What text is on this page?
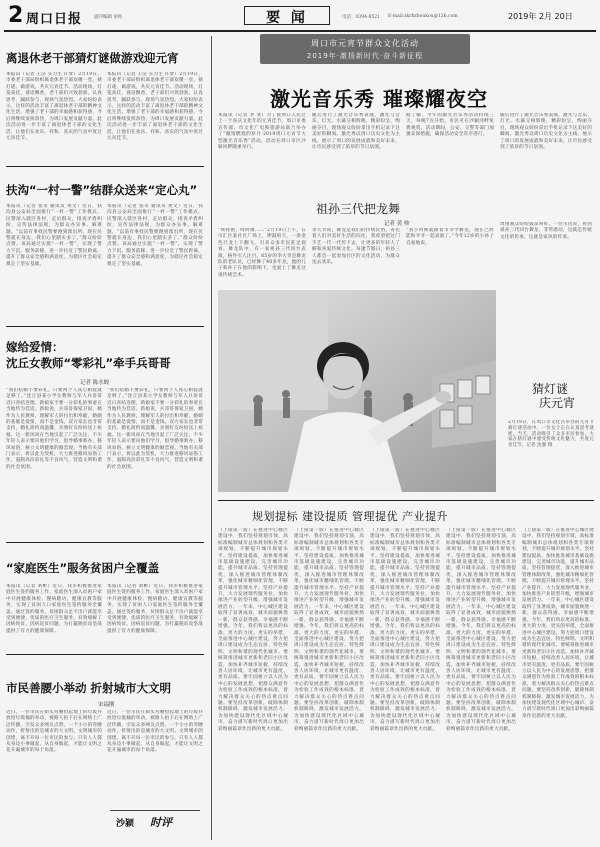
2 周口日报	副刊编辑 审校	要 闻	电话：0394-8521 E-mail:zkrbzhoukou@126.com	2019年 2月 20日
离退休老干部猜灯谜做游戏迎元宵
本报讯（记者 王洁 实习生 许梦）2月19日，市委老干部局组织离退休老干部欢聚一堂，猜灯谜、做游戏，共庆元宵佳节。活动现场，灯笼高挂，谜语飘香，老干部们兴致勃勃，认真思考，踊跃参与，现场气氛热烈。大家纷纷表示，这样的活动丰富了离退休老干部的精神文化生活，增强了老干部的幸福感和获得感，今后将继续发挥余热，为周口发展贡献力量。此次活动进一步丰富了离退休老干部的文化生活，让他们在欢乐、祥和、喜庆的气氛中度过元宵佳节。
本报讯（记者 王洁 实习生 许梦）2月19日，市委老干部局组织离退休老干部欢聚一堂，猜灯谜、做游戏，共庆元宵佳节。活动现场，灯笼高挂，谜语飘香，老干部们兴致勃勃，认真思考，踊跃参与，现场气氛热烈。大家纷纷表示，这样的活动丰富了离退休老干部的精神文化生活，增强了老干部的幸福感和获得感，今后将继续发挥余热，为周口发展贡献力量。此次活动进一步丰富了离退休老干部的文化生活，让他们在欢乐、祥和、喜庆的气氛中度过元宵佳节。
扶沟“一村一警”结群众送来“定心丸”
本报讯（记者 张永 通讯员 黄文）近日，扶沟县公安局全面推行“一村一警”工作模式，民警深入辖区各村，走访群众，排查矛盾纠纷，宣传法律法规，为群众办实事、解难题。“以前有事找民警要跑到派出所，现在民警就在身边，我们心里踏实多了。”群众纷纷点赞。该局通过实施“一村一警”，实现了警力下沉、服务前移，进一步拉近了警民距离，提升了群众安全感和满意度，为辖区社会稳定奠定了坚实基础。
本报讯（记者 张永 通讯员 黄文）近日，扶沟县公安局全面推行“一村一警”工作模式，民警深入辖区各村，走访群众，排查矛盾纠纷，宣传法律法规，为群众办实事、解难题。“以前有事找民警要跑到派出所，现在民警就在身边，我们心里踏实多了。”群众纷纷点赞。该局通过实施“一村一警”，实现了警力下沉、服务前移，进一步拉近了警民距离，提升了群众安全感和满意度，为辖区社会稳定奠定了坚实基础。
嫁给爱情：
沈丘女教师“零彩礼”牵手兵哥哥
记者 陈水蛟
“我们结婚不要彩礼，只要两个人真心相爱就足够了。”沈丘县某小学女教师与军人兵哥哥近日喜结连理，新娘家不要一分彩礼的事迹在当地传为佳话。新娘说，兵哥哥保家卫国，她作为人民教师，理解军人的付出和奉献，婚姻的基础是爱情，而不是金钱。双方家长也非常支持，婚礼简约而温馨，亲朋好友纷纷送上祝福。这一新风尚在当地引起了广泛关注，不少年轻人表示要向他们学习，倡导婚事新办、移风易俗，树立文明健康的婚恋观。当地有关部门表示，将以此为契机，大力推进移风易俗工作，遏制高价彩礼等不良风气，营造文明和谐的社会氛围。
“我们结婚不要彩礼，只要两个人真心相爱就足够了。”沈丘县某小学女教师与军人兵哥哥近日喜结连理，新娘家不要一分彩礼的事迹在当地传为佳话。新娘说，兵哥哥保家卫国，她作为人民教师，理解军人的付出和奉献，婚姻的基础是爱情，而不是金钱。双方家长也非常支持，婚礼简约而温馨，亲朋好友纷纷送上祝福。这一新风尚在当地引起了广泛关注，不少年轻人表示要向他们学习，倡导婚事新办、移风易俗，树立文明健康的婚恋观。当地有关部门表示，将以此为契机，大力推进移风易俗工作，遏制高价彩礼等不良风气，营造文明和谐的社会氛围。
“家庭医生”服务贫困户全覆盖
本报讯（记者 刘彬）近日，我市积极推进家庭医生签约服务工作，家庭医生深入贫困户家中开展健康体检、慢病随访、健康宣教等服务，实现了贫困人口家庭医生签约服务全覆盖。通过签约服务，贫困群众足不出户就能享受到便捷、优质的医疗卫生服务，有效缓解了因病致贫、因病返贫问题，为打赢脱贫攻坚战提供了有力的健康保障。
本报讯（记者 刘彬）近日，我市积极推进家庭医生签约服务工作，家庭医生深入贫困户家中开展健康体检、慢病随访、健康宣教等服务，实现了贫困人口家庭医生签约服务全覆盖。通过签约服务，贫困群众足不出户就能享受到便捷、优质的医疗卫生服务，有效缓解了因病致贫、因病返贫问题，为打赢脱贫攻坚战提供了有力的健康保障。
市民善腰小举动 折射城市大文明
宋福刚
近日，一位市民在街头弯腰捡起地上的垃圾并放进垃圾桶的举动，被路人拍下后在网络上广泛传播，引发众多网友点赞。一个小小的弯腰动作，折射出的是城市的大文明。文明城市的创建，离不开每一位市民的参与。只有人人都从身边小事做起，从自身做起，才能让文明之花开遍城市的每个角落。
近日，一位市民在街头弯腰捡起地上的垃圾并放进垃圾桶的举动，被路人拍下后在网络上广泛传播，引发众多网友点赞。一个小小的弯腰动作，折射出的是城市的大文明。文明城市的创建，离不开每一位市民的参与。只有人人都从身边小事做起，从自身做起，才能让文明之花开遍城市的每个角落。
沙颍 时评
周口市元宵节群众文化活动
2019年·激扬新时代·奋斗新征程
激光音乐秀 璀璨耀夜空
本报讯（记者 李 斐）为了使周口人民过上一个喜庆文化年的元宵佳节，周口市委宣传部、市文化广电和旅游局联合举办了“激情燃烧的岁月·2019周口元宵节大型激光音乐秀”活动，活动在周口市区沙颍河畔隆重举行。
随后进行了激光音乐秀表演，激光与音乐、灯光、水幕交相辉映，精彩纷呈，绚丽夺目，现场观众纷纷拿出手机记录下这美好的瞬间。激光秀以周口历史文化为主线，展示了周口的发展成就和美好未来，让市民感受到了浓厚的节日氛围。
据了解，今年的激光音乐秀活动持续三天，每晚7点开始，市民可在沙颍河畔免费观赏。活动期间，公安、交警等部门加强安保措施，确保活动安全有序进行。
随后进行了激光音乐秀表演，激光与音乐、灯光、水幕交相辉映，精彩纷呈，绚丽夺目，现场观众纷纷拿出手机记录下这美好的瞬间。激光秀以周口历史文化为主线，展示了周口的发展成就和美好未来，让市民感受到了浓厚的节日氛围。
祖孙三代把龙舞
记者 黄 帅
“咚咚锵，咚咚锵……”2月19日上午，在川汇区某社区广场上，锣鼓喧天，一条金色巨龙上下翻飞，引来众多市民驻足观看。舞龙队中，有一家祖孙三代同台表演，格外引人注目。65岁的李大爷是舞龙队的老队员，已经舞了40多年龙，他的儿子和孙子在他的影响下，也爱上了舞龙这项传统艺术。
李大爷说，舞龙是我们的传统民俗，寄托着人们对美好生活的向往，我希望把这门手艺一代一代传下去，让更多的年轻人了解和喜爱传统文化。每逢节假日，祖孙三人都会一起参加社区的文化活动，为群众送去欢乐。
“我小时候就跟着爷爷学舞龙，现在已经能和爷爷一起表演了。”今年12岁的小孙子自豪地说。
周围观众纷纷鼓掌叫好。一位市民说，看到祖孙三代同台舞龙，非常感动，这就是传统文化的传承，这就是家风的传承。
猜灯谜
庆元宵
2月19日，在周口市文化宫举办的元宵节猜灯谜活动中，一位女士正在认真思考谜底。当天，活动吸引了众多市民参加，大家在猜灯谜中感受传统文化魅力，共度元宵佳节。记者 沈强 摄
规划提标 建设提质 管理提优 产业提升
（上接第一版）在推进中心城区建设中，我们坚持规划引领，高标准编制城市总体规划和各类专项规划，不断提升城市规划水平。坚持建设提质，加快推进城市基础设施建设，完善城市功能，提升城市品质。坚持管理提优，深入推进城市管理体制改革，强化城市精细化管理，不断提升城市管理水平。坚持产业提升，大力发展现代服务业，加快推进产业转型升级，增强城市发展活力。一年来，中心城区建设取得了显著成效，城市面貌焕然一新，群众获得感、幸福感不断增强。今年，我们将以更高的标准、更大的力度、更实的举措，全面推进中心城区建设，努力把周口建设成为生态宜居、特色鲜明、文明和谐的现代化城市。要统筹推进城市更新和老旧小区改造，加快补齐城市短板，持续改善人居环境，让城市更有温度、更有品质。要牢固树立以人民为中心的发展思想，把群众满意作为检验工作成效的根本标准，着力解决群众关心的热点难点问题。要坚持改革创新，破除体制机制障碍，激发城市发展活力，为加快建设现代化区域中心城市、奋力谱写新时代周口更加出彩绚丽篇章作出新的更大贡献。
（上接第一版）在推进中心城区建设中，我们坚持规划引领，高标准编制城市总体规划和各类专项规划，不断提升城市规划水平。坚持建设提质，加快推进城市基础设施建设，完善城市功能，提升城市品质。坚持管理提优，深入推进城市管理体制改革，强化城市精细化管理，不断提升城市管理水平。坚持产业提升，大力发展现代服务业，加快推进产业转型升级，增强城市发展活力。一年来，中心城区建设取得了显著成效，城市面貌焕然一新，群众获得感、幸福感不断增强。今年，我们将以更高的标准、更大的力度、更实的举措，全面推进中心城区建设，努力把周口建设成为生态宜居、特色鲜明、文明和谐的现代化城市。要统筹推进城市更新和老旧小区改造，加快补齐城市短板，持续改善人居环境，让城市更有温度、更有品质。要牢固树立以人民为中心的发展思想，把群众满意作为检验工作成效的根本标准，着力解决群众关心的热点难点问题。要坚持改革创新，破除体制机制障碍，激发城市发展活力，为加快建设现代化区域中心城市、奋力谱写新时代周口更加出彩绚丽篇章作出新的更大贡献。
（上接第一版）在推进中心城区建设中，我们坚持规划引领，高标准编制城市总体规划和各类专项规划，不断提升城市规划水平。坚持建设提质，加快推进城市基础设施建设，完善城市功能，提升城市品质。坚持管理提优，深入推进城市管理体制改革，强化城市精细化管理，不断提升城市管理水平。坚持产业提升，大力发展现代服务业，加快推进产业转型升级，增强城市发展活力。一年来，中心城区建设取得了显著成效，城市面貌焕然一新，群众获得感、幸福感不断增强。今年，我们将以更高的标准、更大的力度、更实的举措，全面推进中心城区建设，努力把周口建设成为生态宜居、特色鲜明、文明和谐的现代化城市。要统筹推进城市更新和老旧小区改造，加快补齐城市短板，持续改善人居环境，让城市更有温度、更有品质。要牢固树立以人民为中心的发展思想，把群众满意作为检验工作成效的根本标准，着力解决群众关心的热点难点问题。要坚持改革创新，破除体制机制障碍，激发城市发展活力，为加快建设现代化区域中心城市、奋力谱写新时代周口更加出彩绚丽篇章作出新的更大贡献。
（上接第一版）在推进中心城区建设中，我们坚持规划引领，高标准编制城市总体规划和各类专项规划，不断提升城市规划水平。坚持建设提质，加快推进城市基础设施建设，完善城市功能，提升城市品质。坚持管理提优，深入推进城市管理体制改革，强化城市精细化管理，不断提升城市管理水平。坚持产业提升，大力发展现代服务业，加快推进产业转型升级，增强城市发展活力。一年来，中心城区建设取得了显著成效，城市面貌焕然一新，群众获得感、幸福感不断增强。今年，我们将以更高的标准、更大的力度、更实的举措，全面推进中心城区建设，努力把周口建设成为生态宜居、特色鲜明、文明和谐的现代化城市。要统筹推进城市更新和老旧小区改造，加快补齐城市短板，持续改善人居环境，让城市更有温度、更有品质。要牢固树立以人民为中心的发展思想，把群众满意作为检验工作成效的根本标准，着力解决群众关心的热点难点问题。要坚持改革创新，破除体制机制障碍，激发城市发展活力，为加快建设现代化区域中心城市、奋力谱写新时代周口更加出彩绚丽篇章作出新的更大贡献。
（上接第一版）在推进中心城区建设中，我们坚持规划引领，高标准编制城市总体规划和各类专项规划，不断提升城市规划水平。坚持建设提质，加快推进城市基础设施建设，完善城市功能，提升城市品质。坚持管理提优，深入推进城市管理体制改革，强化城市精细化管理，不断提升城市管理水平。坚持产业提升，大力发展现代服务业，加快推进产业转型升级，增强城市发展活力。一年来，中心城区建设取得了显著成效，城市面貌焕然一新，群众获得感、幸福感不断增强。今年，我们将以更高的标准、更大的力度、更实的举措，全面推进中心城区建设，努力把周口建设成为生态宜居、特色鲜明、文明和谐的现代化城市。要统筹推进城市更新和老旧小区改造，加快补齐城市短板，持续改善人居环境，让城市更有温度、更有品质。要牢固树立以人民为中心的发展思想，把群众满意作为检验工作成效的根本标准，着力解决群众关心的热点难点问题。要坚持改革创新，破除体制机制障碍，激发城市发展活力，为加快建设现代化区域中心城市、奋力谱写新时代周口更加出彩绚丽篇章作出新的更大贡献。
